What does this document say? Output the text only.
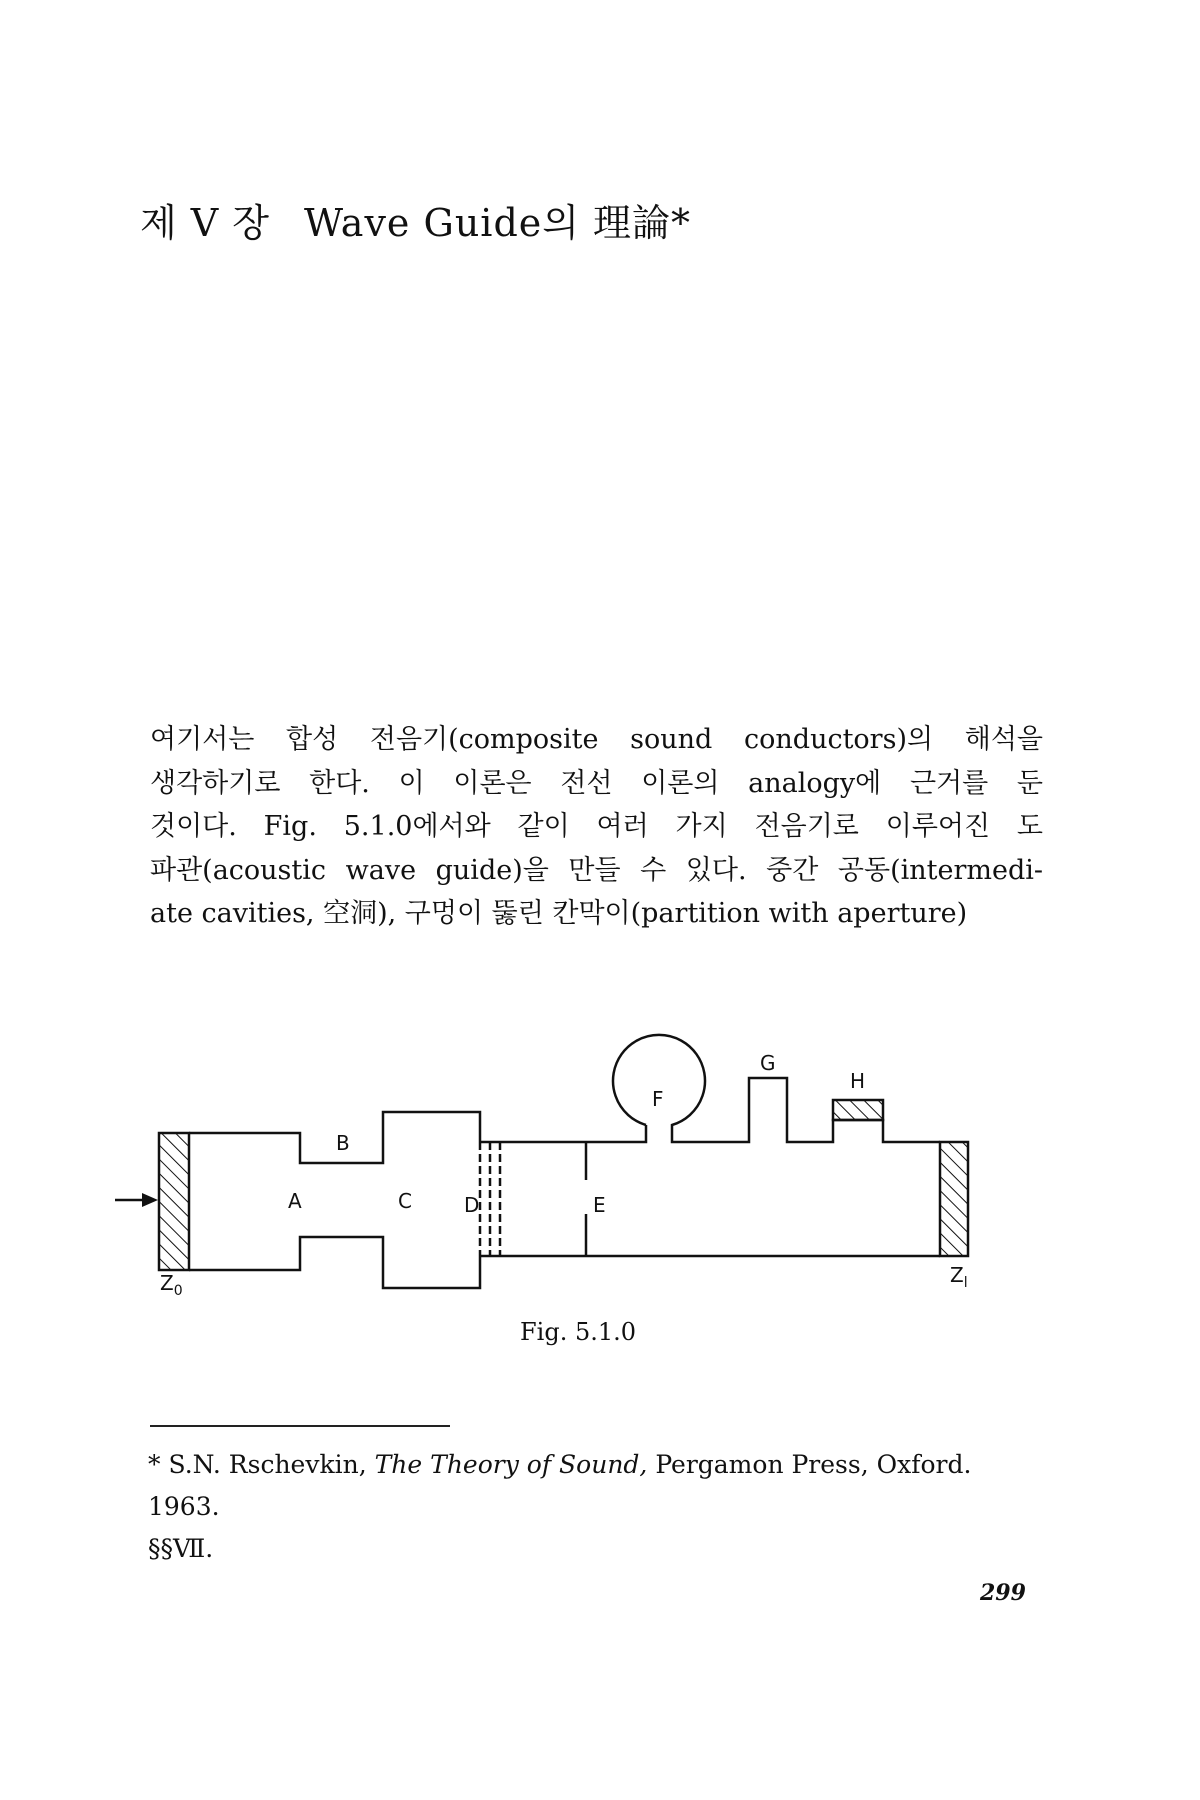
제 V 장 Wave Guide의 理論*
여기서는 합성 전음기(composite sound conductors)의 해석을
생각하기로 한다. 이 이론은 전선 이론의 analogy에 근거를 둔
것이다. Fig. 5.1.0에서와 같이 여러 가지 전음기로 이루어진 도
파관(acoustic wave guide)을 만들 수 있다. 중간 공동(intermedi-
ate cavities, 空洞), 구멍이 뚫린 칸막이(partition with aperture)
A
B
C	D	E
F
G
H
$Z_0$
$Z_l$
Fig. 5.1.0
* S.N. Rschevkin, The Theory of Sound, Pergamon Press, Oxford. 1963.
§§Ⅶ.
299
